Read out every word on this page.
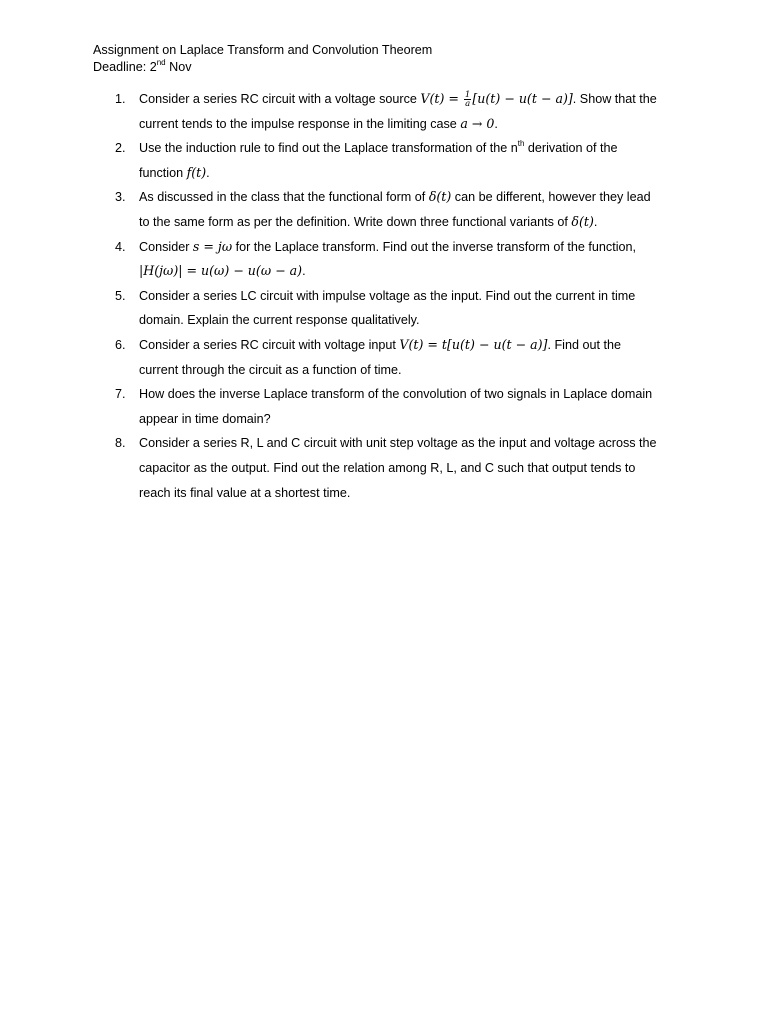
Assignment on Laplace Transform and Convolution Theorem
Deadline: 2nd Nov
1.	Consider a series RC circuit with a voltage source $V(t) = \frac{1}{a} [u(t) - u(t - a)]$. Show that the
current tends to the impulse response in the limiting case a → 0.
2.	Use the induction rule to find out the Laplace transformation of the $n^{th}$ derivation of the
function f(t).
3.	As discussed in the class that the functional form of δ(t) can be different, however they lead
to the same form as per the definition. Write down three functional variants of δ(t).
4.	Consider s = jω for the Laplace transform. Find out the inverse transform of the function,
|H(jω)| = u(ω) − u(ω − a).
5.	Consider a series LC circuit with impulse voltage as the input. Find out the current in time
domain. Explain the current response qualitatively.
6.	Consider a series RC circuit with voltage input V(t) = t[u(t) − u(t − a)]. Find out the
current through the circuit as a function of time.
7.	How does the inverse Laplace transform of the convolution of two signals in Laplace domain
appear in time domain?
8.	Consider a series R, L and C circuit with unit step voltage as the input and voltage across the
capacitor as the output. Find out the relation among R, L, and C such that output tends to
reach its final value at a shortest time.
